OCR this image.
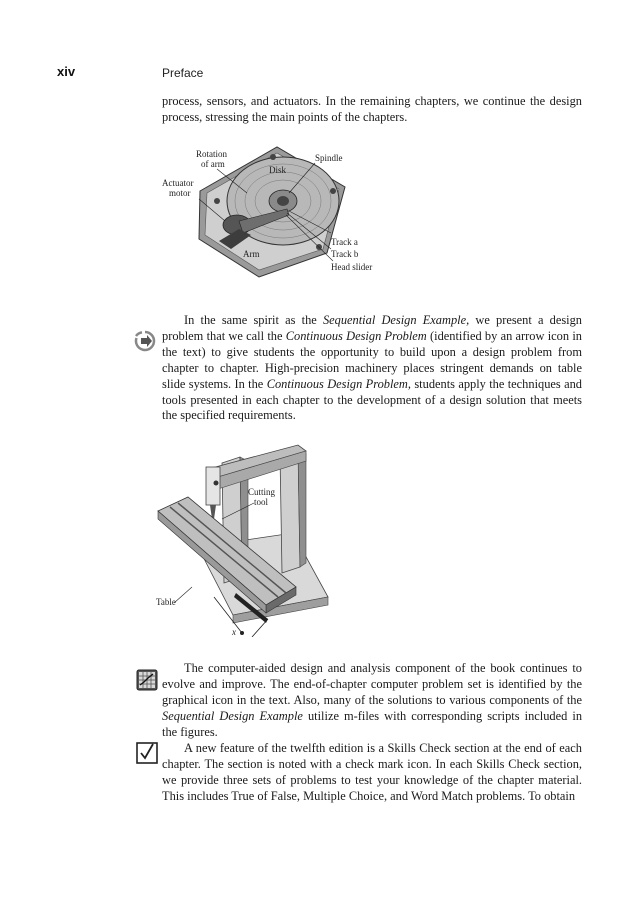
xiv	Preface

process, sensors, and actuators. In the remaining chapters, we continue the design process, stressing the main points of the chapters.

Rotation
of arm
Spindle
Disk
Actuator
motor
Arm
Track a
Track b
Head slider

In the same spirit as the Sequential Design Example, we present a design problem that we call the Continuous Design Problem (identified by an arrow icon in the text) to give students the opportunity to build upon a design problem from chapter to chapter. High-precision machinery places stringent demands on table slide systems. In the Continuous Design Problem, students apply the techniques and tools presented in each chapter to the development of a design solution that meets the specified requirements.

Cutting
tool
Table
x

The computer-aided design and analysis component of the book continues to evolve and improve. The end-of-chapter computer problem set is identified by the graphical icon in the text. Also, many of the solutions to various components of the Sequential Design Example utilize m-files with corresponding scripts included in the figures.

A new feature of the twelfth edition is a Skills Check section at the end of each chapter. The section is noted with a check mark icon. In each Skills Check section, we provide three sets of problems to test your knowledge of the chapter material. This includes True of False, Multiple Choice, and Word Match problems. To obtain
